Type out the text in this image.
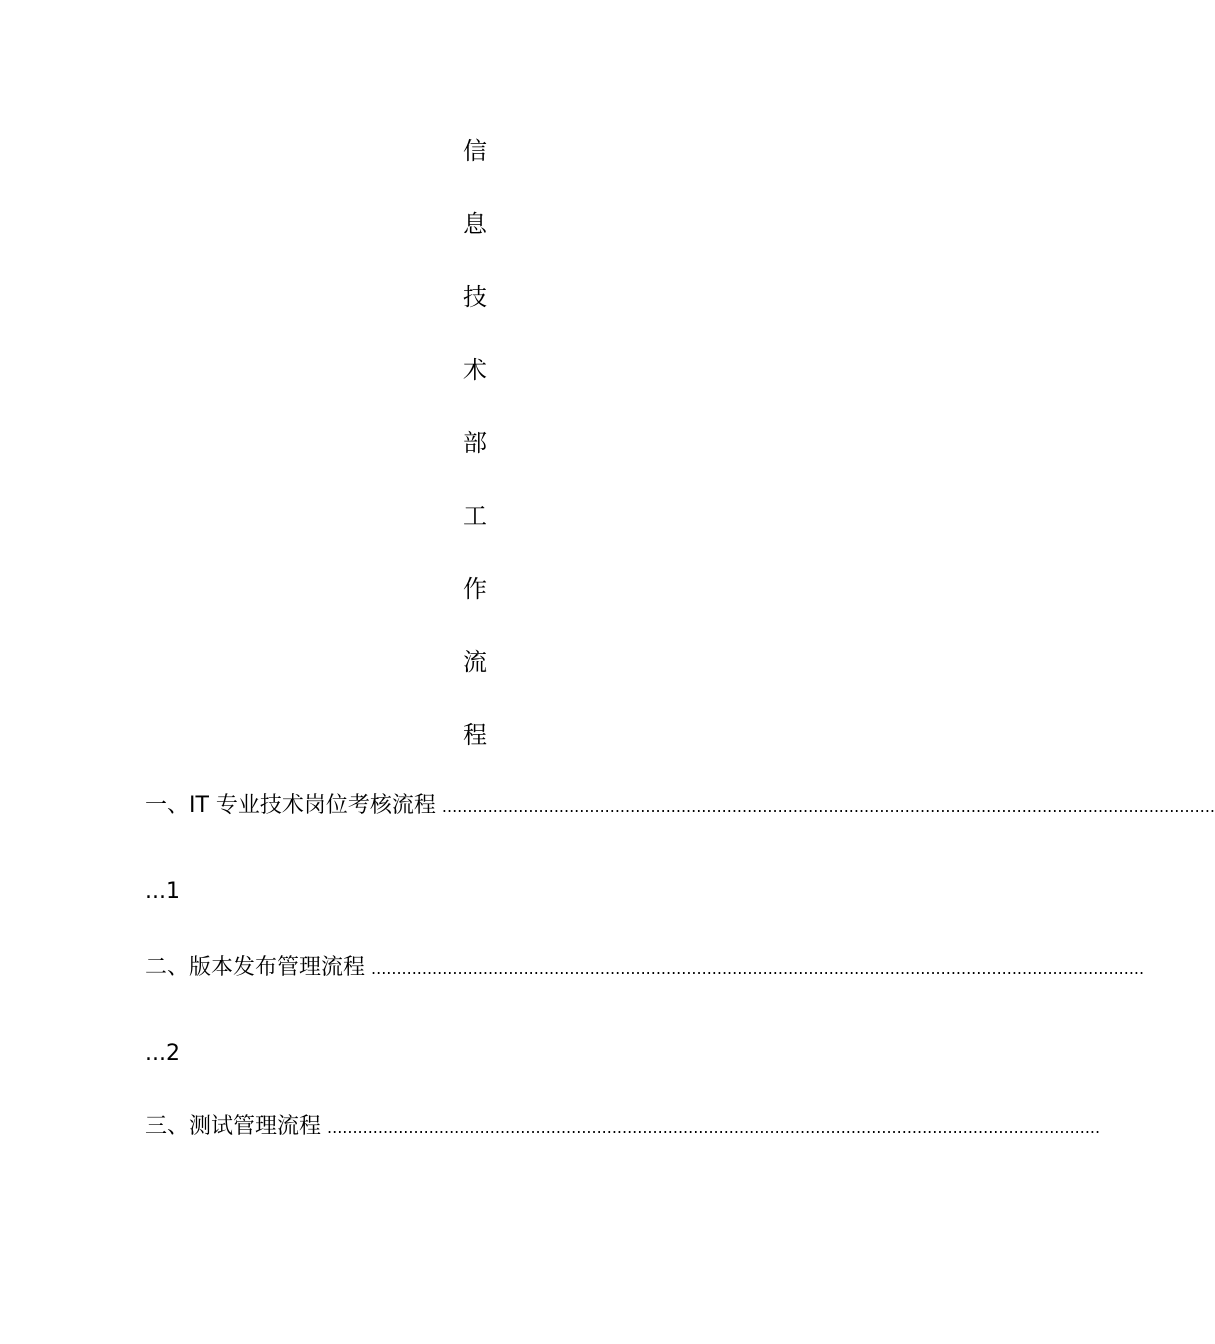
信
息
技
术
部
工
作
流
程
一、IT 专业技术岗位考核流程 ........................................................................................................................................................
...1
二、版本发布管理流程 ........................................................................................................................................................
...2
三、测试管理流程 ........................................................................................................................................................
